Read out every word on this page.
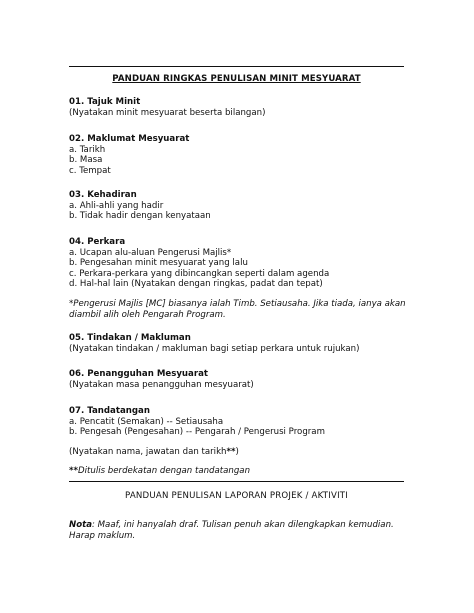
PANDUAN RINGKAS PENULISAN MINIT MESYUARAT
01. Tajuk Minit
(Nyatakan minit mesyuarat beserta bilangan)
02. Maklumat Mesyuarat
a. Tarikh
b. Masa
c. Tempat
03. Kehadiran
a. Ahli-ahli yang hadir
b. Tidak hadir dengan kenyataan
04. Perkara
a. Ucapan alu-aluan Pengerusi Majlis*
b. Pengesahan minit mesyuarat yang lalu
c. Perkara-perkara yang dibincangkan seperti dalam agenda
d. Hal-hal lain (Nyatakan dengan ringkas, padat dan tepat)
*Pengerusi Majlis [MC] biasanya ialah Timb. Setiausaha. Jika tiada, ianya akan diambil alih oleh Pengarah Program.
05. Tindakan / Makluman
(Nyatakan tindakan / makluman bagi setiap perkara untuk rujukan)
06. Penangguhan Mesyuarat
(Nyatakan masa penangguhan mesyuarat)
07. Tandatangan
a. Pencatit (Semakan) -- Setiausaha
b. Pengesah (Pengesahan) -- Pengarah / Pengerusi Program
(Nyatakan nama, jawatan dan tarikh**)
**Ditulis berdekatan dengan tandatangan
PANDUAN PENULISAN LAPORAN PROJEK / AKTIVITI
Nota: Maaf, ini hanyalah draf. Tulisan penuh akan dilengkapkan kemudian. Harap maklum.
